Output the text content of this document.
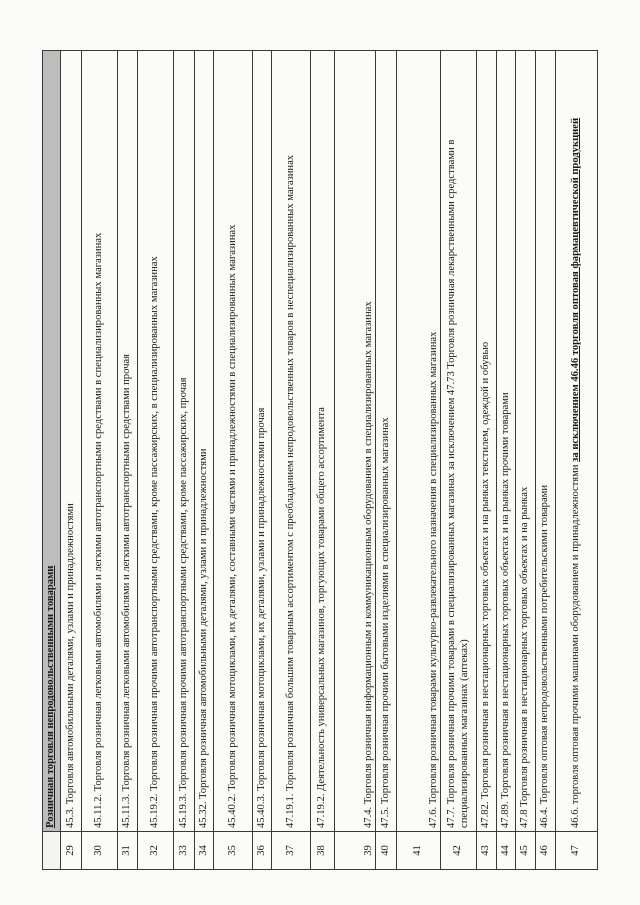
	Розничная торговля непродовольственными товарами
29	45.3. Торговля автомобильными деталями, узлами и принадлежностями
30	45.11.2. Торговля розничная легковыми автомобилями и легкими автотранспортными средствами в специализированных магазинах
31	45.11.3. Торговля розничная легковыми автомобилями и легкими автотранспортными средствами прочая
32	45.19.2. Торговля розничная прочими автотранспортными средствами, кроме пассажирских, в специализированных магазинах
33	45.19.3. Торговля розничная прочими автотранспортными средствами, кроме пассажирских, прочая
34	45.32. Торговля розничная автомобильными деталями, узлами и принадлежностями
35	45.40.2. Торговля розничная мотоциклами, их деталями, составными частями и принадлежностями в специализированных магазинах
36	45.40.3. Торговля розничная мотоциклами, их деталями, узлами и принадлежностями прочая
37	47.19.1. Торговля розничная большим товарным ассортиментом с преобладанием непродовольственных товаров в неспециализированных магазинах
38	47.19.2. Деятельность универсальных магазинов, торгующих товарами общего ассортимента
39	47.4. Торговля розничная информационным и коммуникационным оборудованием в специализированных магазинах
40	47.5. Торговля розничная прочими бытовыми изделиями в специализированных магазинах
41	47.6. Торговля розничная товарами культурно-развлекательного назначения в специализированных магазинах
42	47.7. Торговля розничная прочими товарами в специализированных магазинах за исключением 47.73 Торговля розничная лекарственными средствами в специализированных магазинах (аптеках)
43	47.82. Торговля розничная в нестационарных торговых объектах и на рынках текстилем, одеждой и обувью
44	47.89. Торговля розничная в нестационарных торговых объектах и на рынках прочими товарами
45	47.8 Торговля розничная в нестационарных торговых объектах и на рынках
46	46.4. Торговля оптовая непродовольственными потребительскими товарами
47	46.6. торговля оптовая прочими машинами оборудованием и принадлежностями за исключением 46.46 торговля оптовая фармацевтической продукцией
